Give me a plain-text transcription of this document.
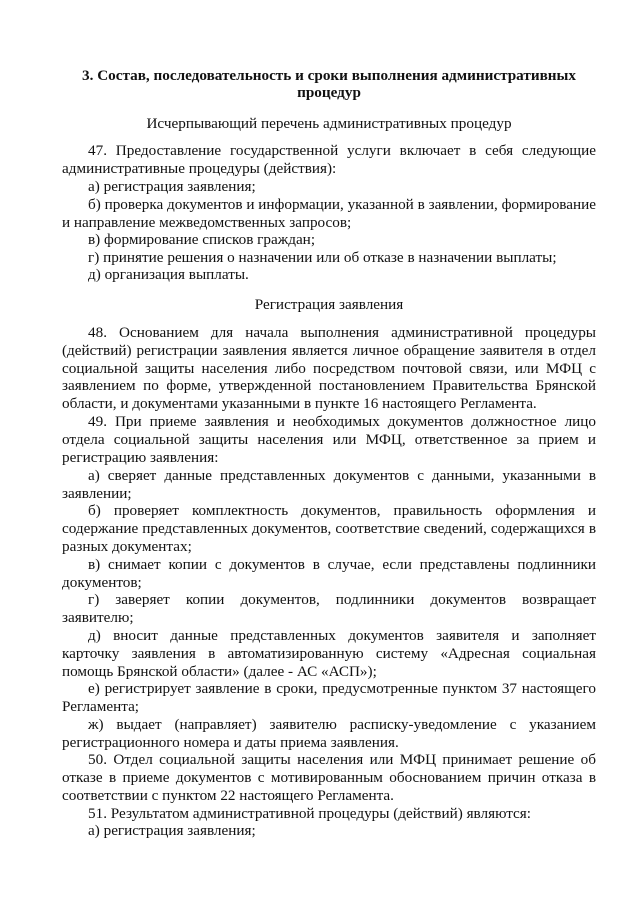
3. Состав, последовательность и сроки выполнения административных
процедур
Исчерпывающий перечень административных процедур
47. Предоставление государственной услуги включает в себя следующие административные процедуры (действия):
а) регистрация заявления;
б) проверка документов и информации, указанной в заявлении, формирование и направление межведомственных запросов;
в) формирование списков граждан;
г) принятие решения о назначении или об отказе в назначении выплаты;
д) организация выплаты.
Регистрация заявления
48. Основанием для начала выполнения административной процедуры (действий) регистрации заявления является личное обращение заявителя в отдел социальной защиты населения либо посредством почтовой связи, или МФЦ с заявлением по форме, утвержденной постановлением Правительства Брянской области, и документами указанными в пункте 16 настоящего Регламента.
49. При приеме заявления и необходимых документов должностное лицо отдела социальной защиты населения или МФЦ, ответственное за прием и регистрацию заявления:
а) сверяет данные представленных документов с данными, указанными в заявлении;
б) проверяет комплектность документов, правильность оформления и содержание представленных документов, соответствие сведений, содержащихся в разных документах;
в) снимает копии с документов в случае, если представлены подлинники документов;
г) заверяет копии документов, подлинники документов возвращает заявителю;
д) вносит данные представленных документов заявителя и заполняет карточку заявления в автоматизированную систему «Адресная социальная помощь Брянской области» (далее - АС «АСП»);
е) регистрирует заявление в сроки, предусмотренные пунктом 37 настоящего Регламента;
ж) выдает (направляет) заявителю расписку-уведомление с указанием регистрационного номера и даты приема заявления.
50. Отдел социальной защиты населения или МФЦ принимает решение об отказе в приеме документов с мотивированным обоснованием причин отказа в соответствии с пунктом 22 настоящего Регламента.
51. Результатом административной процедуры (действий) являются:
а) регистрация заявления;
